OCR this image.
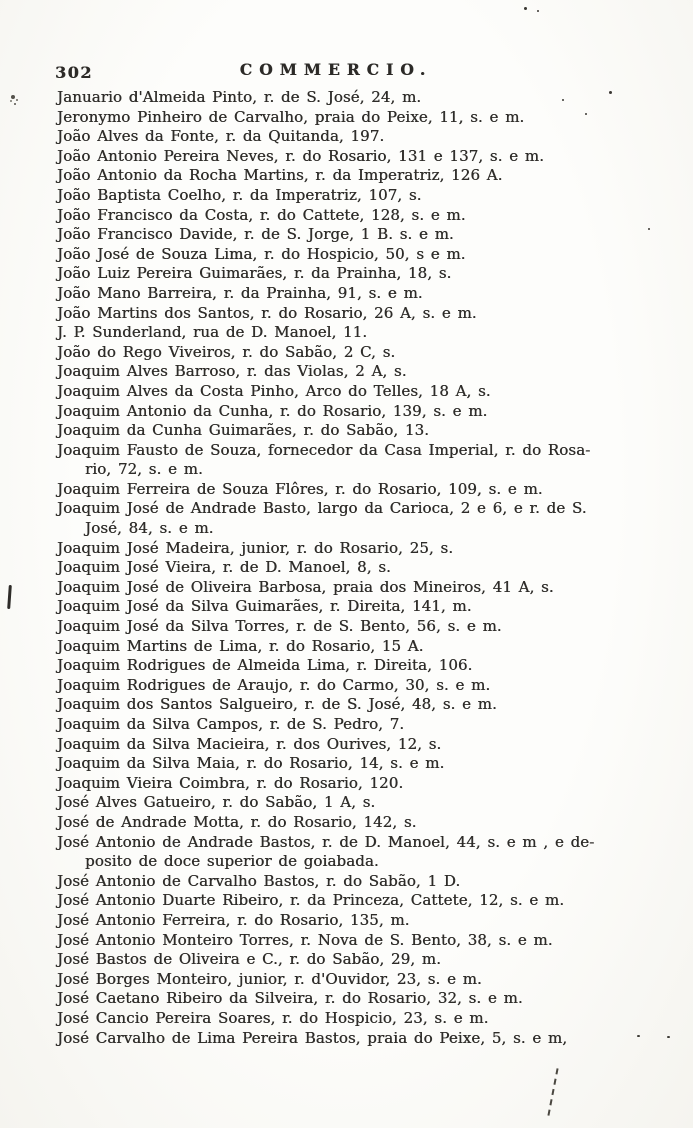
302	COMMERCIO.
Januario d'Almeida Pinto, r. de S. José, 24, m.
Jeronymo Pinheiro de Carvalho, praia do Peixe, 11, s. e m.
João Alves da Fonte, r. da Quitanda, 197.
João Antonio Pereira Neves, r. do Rosario, 131 e 137, s. e m.
João Antonio da Rocha Martins, r. da Imperatriz, 126 A.
João Baptista Coelho, r. da Imperatriz, 107, s.
João Francisco da Costa, r. do Cattete, 128, s. e m.
João Francisco Davide, r. de S. Jorge, 1 B. s. e m.
João José de Souza Lima, r. do Hospicio, 50, s e m.
João Luiz Pereira Guimarães, r. da Prainha, 18, s.
João Mano Barreira, r. da Prainha, 91, s. e m.
João Martins dos Santos, r. do Rosario, 26 A, s. e m.
J. P. Sunderland, rua de D. Manoel, 11.
João do Rego Viveiros, r. do Sabão, 2 C, s.
Joaquim Alves Barroso, r. das Violas, 2 A, s.
Joaquim Alves da Costa Pinho, Arco do Telles, 18 A, s.
Joaquim Antonio da Cunha, r. do Rosario, 139, s. e m.
Joaquim da Cunha Guimarães, r. do Sabão, 13.
Joaquim Fausto de Souza, fornecedor da Casa Imperial, r. do Rosa-
rio, 72, s. e m.
Joaquim Ferreira de Souza Flôres, r. do Rosario, 109, s. e m.
Joaquim José de Andrade Basto, largo da Carioca, 2 e 6, e r. de S.
José, 84, s. e m.
Joaquim José Madeira, junior, r. do Rosario, 25, s.
Joaquim José Vieira, r. de D. Manoel, 8, s.
Joaquim José de Oliveira Barbosa, praia dos Mineiros, 41 A, s.
Joaquim José da Silva Guimarães, r. Direita, 141, m.
Joaquim José da Silva Torres, r. de S. Bento, 56, s. e m.
Joaquim Martins de Lima, r. do Rosario, 15 A.
Joaquim Rodrigues de Almeida Lima, r. Direita, 106.
Joaquim Rodrigues de Araujo, r. do Carmo, 30, s. e m.
Joaquim dos Santos Salgueiro, r. de S. José, 48, s. e m.
Joaquim da Silva Campos, r. de S. Pedro, 7.
Joaquim da Silva Macieira, r. dos Ourives, 12, s.
Joaquim da Silva Maia, r. do Rosario, 14, s. e m.
Joaquim Vieira Coimbra, r. do Rosario, 120.
José Alves Gatueiro, r. do Sabão, 1 A, s.
José de Andrade Motta, r. do Rosario, 142, s.
José Antonio de Andrade Bastos, r. de D. Manoel, 44, s. e m , e de-
posito de doce superior de goiabada.
José Antonio de Carvalho Bastos, r. do Sabão, 1 D.
José Antonio Duarte Ribeiro, r. da Princeza, Cattete, 12, s. e m.
José Antonio Ferreira, r. do Rosario, 135, m.
José Antonio Monteiro Torres, r. Nova de S. Bento, 38, s. e m.
José Bastos de Oliveira e C., r. do Sabão, 29, m.
José Borges Monteiro, junior, r. d'Ouvidor, 23, s. e m.
José Caetano Ribeiro da Silveira, r. do Rosario, 32, s. e m.
José Cancio Pereira Soares, r. do Hospicio, 23, s. e m.
José Carvalho de Lima Pereira Bastos, praia do Peixe, 5, s. e m,
